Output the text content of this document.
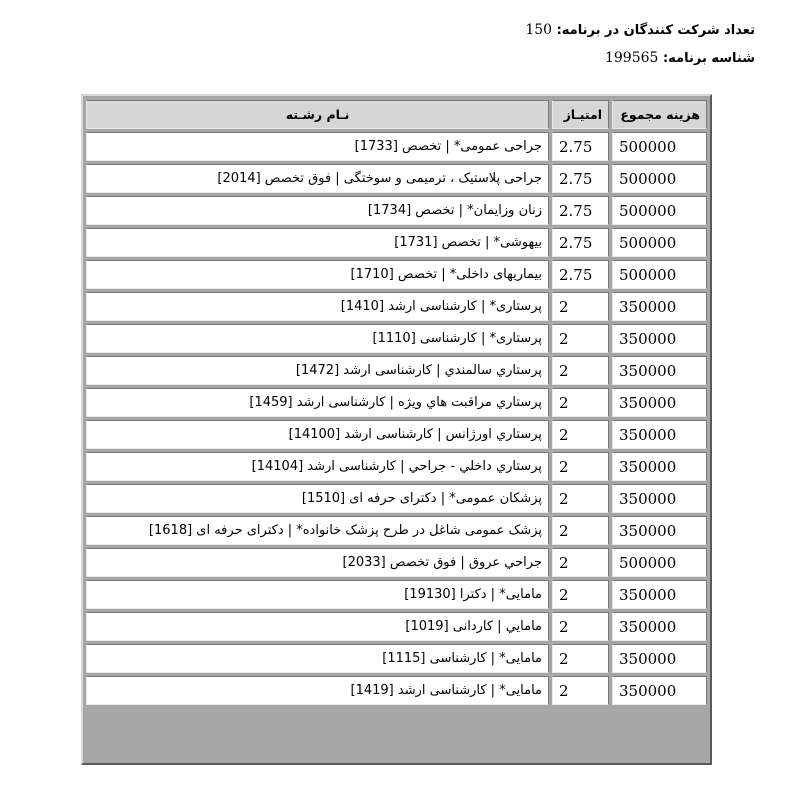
تعداد شرکت کنندگان در برنامه: 150
شناسه برنامه: 199565
هزینه مجموع	امتیـاز	نـام رشـته
500000	2.75	جراحی عمومی* | تخصص [1733]
500000	2.75	جراحی پلاستیک ، ترمیمی و سوختگی | فوق تخصص [2014]
500000	2.75	زنان وزایمان* | تخصص [1734]
500000	2.75	بیهوشی* | تخصص [1731]
500000	2.75	بیماریهای داخلی* | تخصص [1710]
350000	2	پرستاری* | کارشناسی ارشد [1410]
350000	2	پرستاری* | کارشناسی [1110]
350000	2	پرستاري سالمندي | کارشناسی ارشد [1472]
350000	2	پرستاري مراقبت هاي ویژه | کارشناسی ارشد [1459]
350000	2	پرستاري اورژانس | کارشناسی ارشد [14100]
350000	2	پرستاري داخلي - جراحي | کارشناسی ارشد [14104]
350000	2	پزشکان عمومی* | دکترای حرفه ای [1510]
350000	2	پزشک عمومی شاغل در طرح پزشک خانواده* | دکترای حرفه ای [1618]
500000	2	جراحي عروق | فوق تخصص [2033]
350000	2	مامایی* | دکترا [19130]
350000	2	مامايي | کاردانی [1019]
350000	2	مامایی* | کارشناسی [1115]
350000	2	مامایی* | کارشناسی ارشد [1419]
